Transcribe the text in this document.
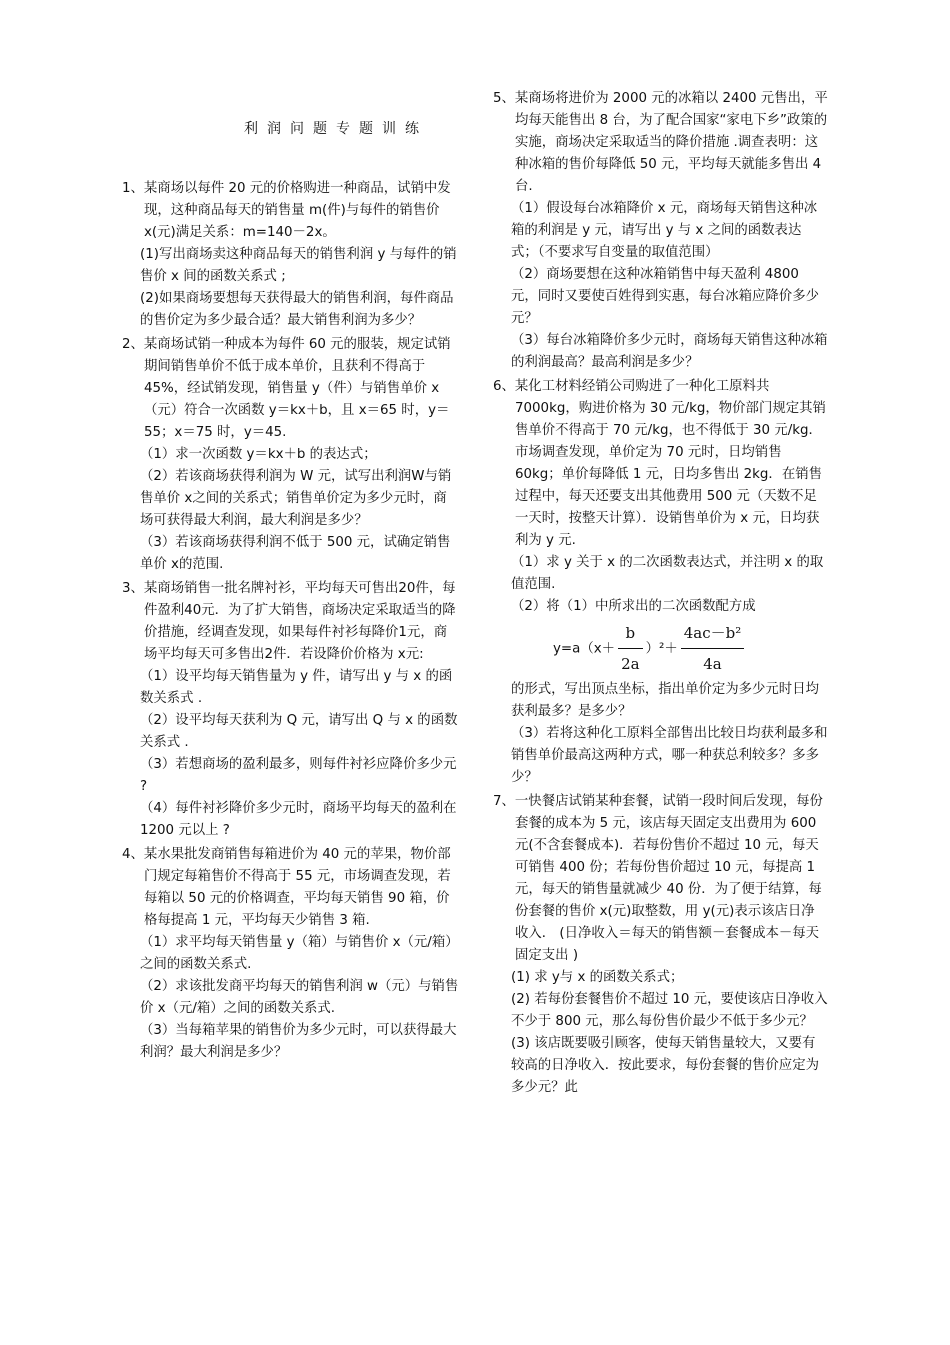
利润问题专题训练

1、某商场以每件 20 元的价格购进一种商品，试销中发现，这种商品每天的销售量 m(件)与每件的销售价 x(元)满足关系：m=140－2x。

(1)写出商场卖这种商品每天的销售利润 y 与每件的销售价 x 间的函数关系式 ;

(2)如果商场要想每天获得最大的销售利润，每件商品的售价定为多少最合适？最大销售利润为多少？

2、某商场试销一种成本为每件 60 元的服装，规定试销期间销售单价不低于成本单价，且获利不得高于 45%，经试销发现，销售量 y（件）与销售单价 x（元）符合一次函数 y＝kx＋b，且 x＝65 时，y＝55；x＝75 时，y＝45.

（1）求一次函数 y＝kx＋b 的表达式；

（2）若该商场获得利润为 W 元，试写出利润W与销售单价 x之间的关系式；销售单价定为多少元时，商场可获得最大利润，最大利润是多少？

（3）若该商场获得利润不低于 500 元，试确定销售单价 x的范围.

3、某商场销售一批名牌衬衫，平均每天可售出20件，每件盈利40元．为了扩大销售，商场决定采取适当的降价措施，经调查发现，如果每件衬衫每降价1元，商场平均每天可多售出2件．若设降价价格为 x元:

（1）设平均每天销售量为 y 件，请写出 y 与 x 的函数关系式 .

（2）设平均每天获利为 Q 元，请写出 Q 与 x 的函数关系式 .

（3）若想商场的盈利最多，则每件衬衫应降价多少元 ?

（4）每件衬衫降价多少元时，商场平均每天的盈利在 1200 元以上 ?

4、某水果批发商销售每箱进价为 40 元的苹果，物价部门规定每箱售价不得高于 55 元，市场调查发现，若每箱以 50 元的价格调查，平均每天销售 90 箱，价格每提高 1 元，平均每天少销售 3 箱.

（1）求平均每天销售量 y（箱）与销售价 x（元/箱）之间的函数关系式.

（2）求该批发商平均每天的销售利润 w（元）与销售价 x（元/箱）之间的函数关系式.

（3）当每箱苹果的销售价为多少元时，可以获得最大利润？最大利润是多少？

5、某商场将进价为 2000 元的冰箱以 2400 元售出，平均每天能售出 8 台，为了配合国家“家电下乡”政策的实施，商场决定采取适当的降价措施 .调查表明：这种冰箱的售价每降低 50 元，平均每天就能多售出 4 台.

（1）假设每台冰箱降价 x 元，商场每天销售这种冰箱的利润是 y 元，请写出 y 与 x 之间的函数表达式；（不要求写自变量的取值范围）

（2）商场要想在这种冰箱销售中每天盈利 4800 元，同时又要使百姓得到实惠，每台冰箱应降价多少元？

（3）每台冰箱降价多少元时，商场每天销售这种冰箱的利润最高？最高利润是多少？

6、某化工材料经销公司购进了一种化工原料共 7000kg，购进价格为 30 元/kg，物价部门规定其销售单价不得高于 70 元/kg，也不得低于 30 元/kg．市场调查发现，单价定为 70 元时，日均销售 60kg；单价每降低 1 元，日均多售出 2kg．在销售过程中，每天还要支出其他费用 500 元（天数不足一天时，按整天计算）．设销售单价为 x 元，日均获利为 y 元.

（1）求 y 关于 x 的二次函数表达式，并注明 x 的取值范围.

（2）将（1）中所求出的二次函数配方成

$y=a(x+ \frac{b}{2a} )^2+ \frac{\text{4ac－b²}}{4a}$

的形式，写出顶点坐标，指出单价定为多少元时日均获利最多？是多少？

（3）若将这种化工原料全部售出比较日均获利最多和销售单价最高这两种方式，哪一种获总利较多？多多少？

7、一快餐店试销某种套餐，试销一段时间后发现，每份套餐的成本为 5 元，该店每天固定支出费用为 600 元(不含套餐成本)．若每份售价不超过 10 元，每天可销售 400 份；若每份售价超过 10 元，每提高 1 元，每天的销售量就减少 40 份．为了便于结算，每份套餐的售价 x(元)取整数，用 y(元)表示该店日净收入． (日净收入＝每天的销售额－套餐成本－每天固定支出 )

(1) 求 y与 x 的函数关系式；

(2) 若每份套餐售价不超过 10 元，要使该店日净收入不少于 800 元，那么每份售价最少不低于多少元？

(3) 该店既要吸引顾客，使每天销售量较大，又要有较高的日净收入．按此要求，每份套餐的售价应定为多少元？此
